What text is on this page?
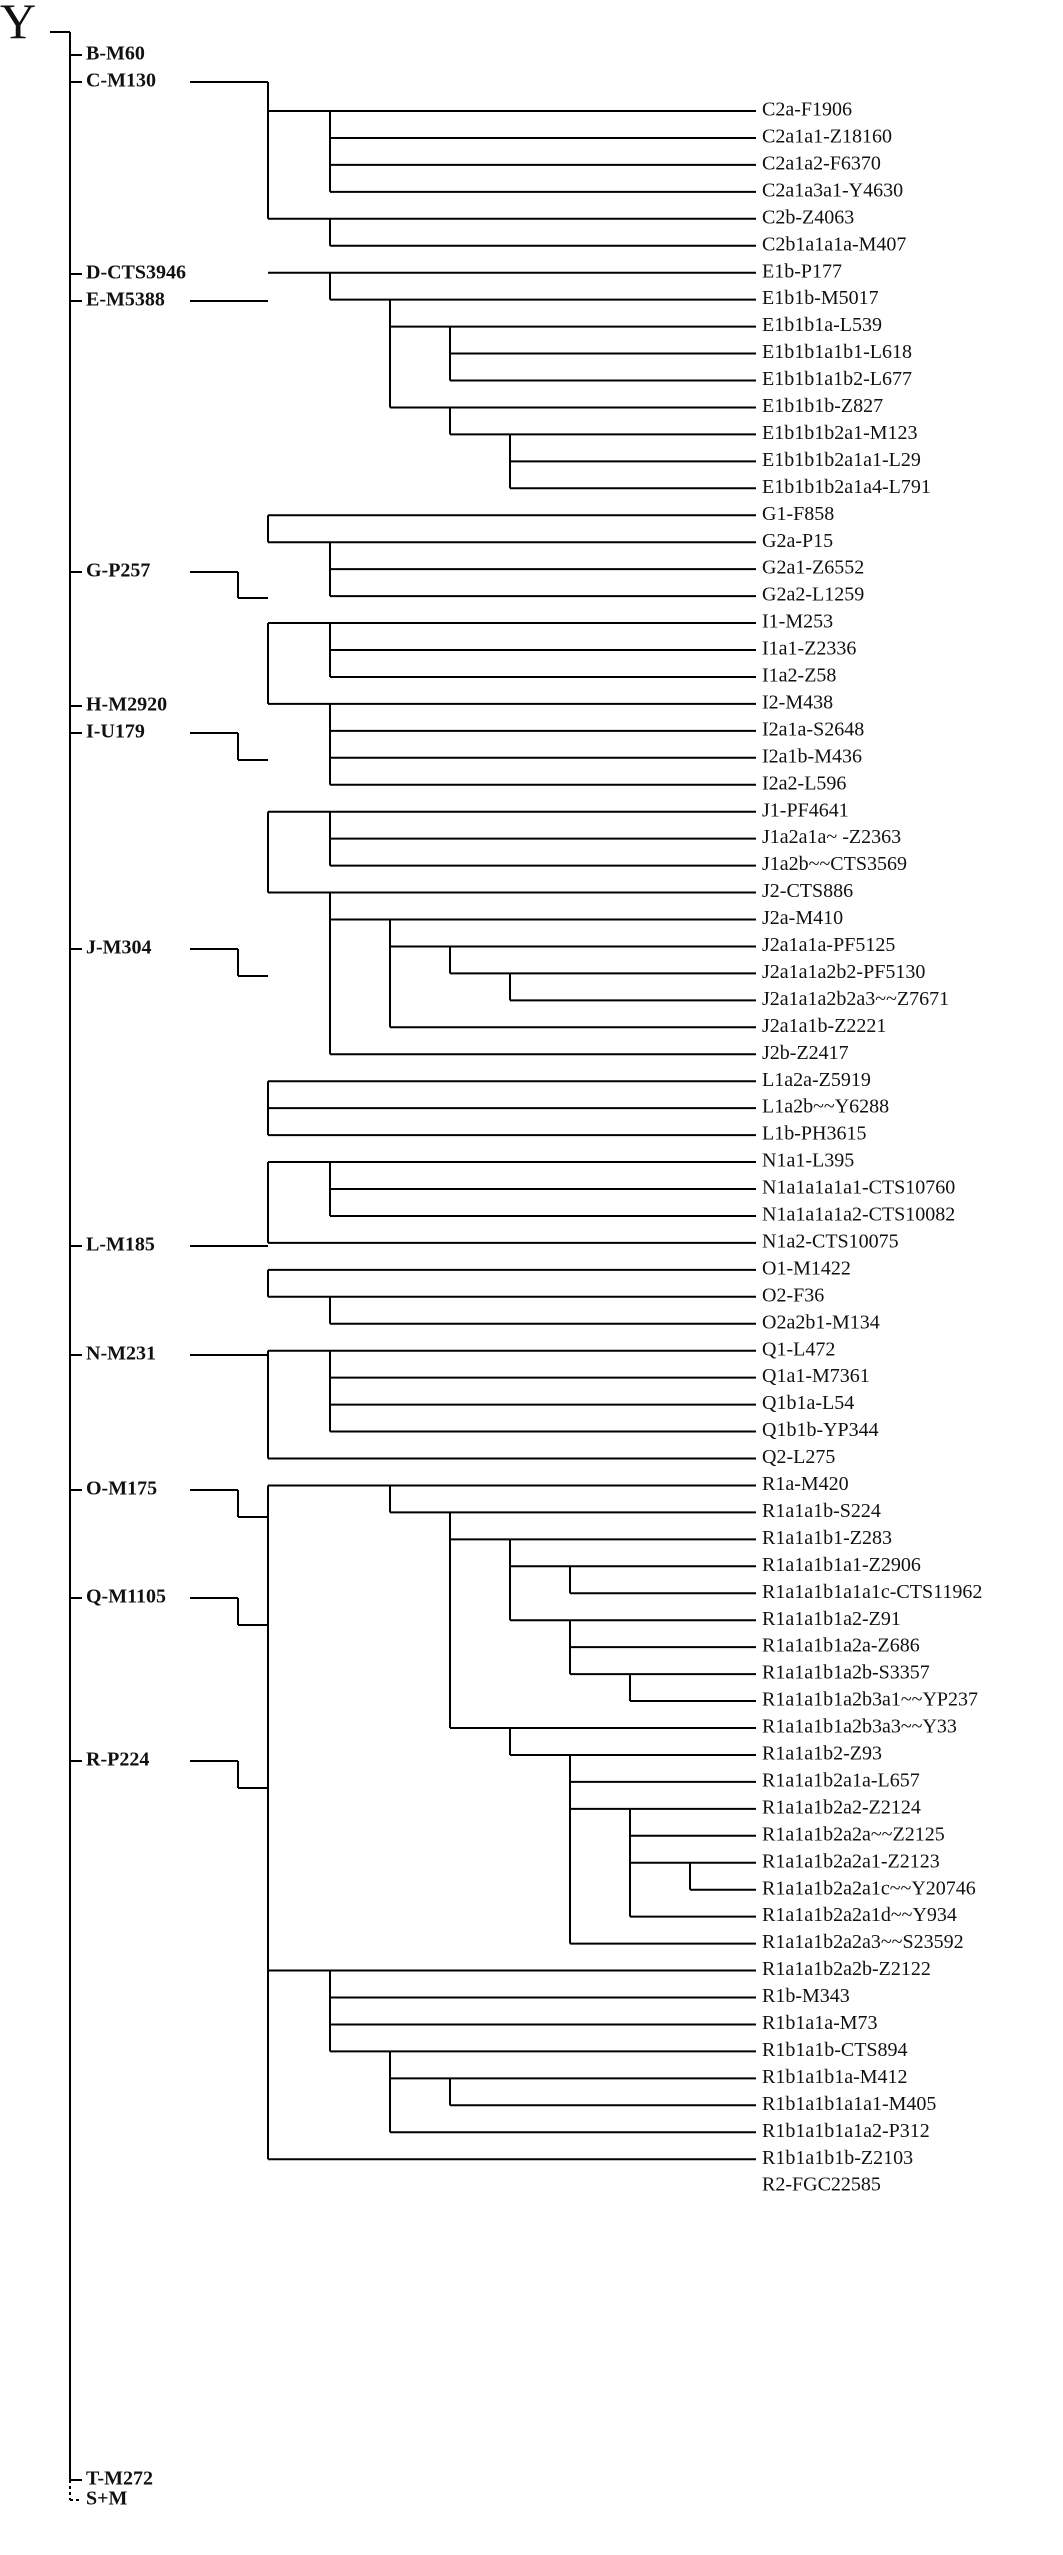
Y
B-M60
C-M130
D-CTS3946
E-M5388
G-P257
H-M2920
I-U179
J-M304
L-M185
N-M231
O-M175
Q-M1105
R-P224
T-M272
S+M
C2a-F1906
C2a1a1-Z18160
C2a1a2-F6370
C2a1a3a1-Y4630
C2b-Z4063
C2b1a1a1a-M407
E1b-P177
E1b1b-M5017
E1b1b1a-L539
E1b1b1a1b1-L618
E1b1b1a1b2-L677
E1b1b1b-Z827
E1b1b1b2a1-M123
E1b1b1b2a1a1-L29
E1b1b1b2a1a4-L791
G1-F858
G2a-P15
G2a1-Z6552
G2a2-L1259
I1-M253
I1a1-Z2336
I1a2-Z58
I2-M438
I2a1a-S2648
I2a1b-M436
I2a2-L596
J1-PF4641
J1a2a1a~ -Z2363
J1a2b~~CTS3569
J2-CTS886
J2a-M410
J2a1a1a-PF5125
J2a1a1a2b2-PF5130
J2a1a1a2b2a3~~Z7671
J2a1a1b-Z2221
J2b-Z2417
L1a2a-Z5919
L1a2b~~Y6288
L1b-PH3615
N1a1-L395
N1a1a1a1a1-CTS10760
N1a1a1a1a2-CTS10082
N1a2-CTS10075
O1-M1422
O2-F36
O2a2b1-M134
Q1-L472
Q1a1-M7361
Q1b1a-L54
Q1b1b-YP344
Q2-L275
R1a-M420
R1a1a1b-S224
R1a1a1b1-Z283
R1a1a1b1a1-Z2906
R1a1a1b1a1a1c-CTS11962
R1a1a1b1a2-Z91
R1a1a1b1a2a-Z686
R1a1a1b1a2b-S3357
R1a1a1b1a2b3a1~~YP237
R1a1a1b1a2b3a3~~Y33
R1a1a1b2-Z93
R1a1a1b2a1a-L657
R1a1a1b2a2-Z2124
R1a1a1b2a2a~~Z2125
R1a1a1b2a2a1-Z2123
R1a1a1b2a2a1c~~Y20746
R1a1a1b2a2a1d~~Y934
R1a1a1b2a2a3~~S23592
R1a1a1b2a2b-Z2122
R1b-M343
R1b1a1a-M73
R1b1a1b-CTS894
R1b1a1b1a-M412
R1b1a1b1a1a1-M405
R1b1a1b1a1a2-P312
R1b1a1b1b-Z2103
R2-FGC22585
